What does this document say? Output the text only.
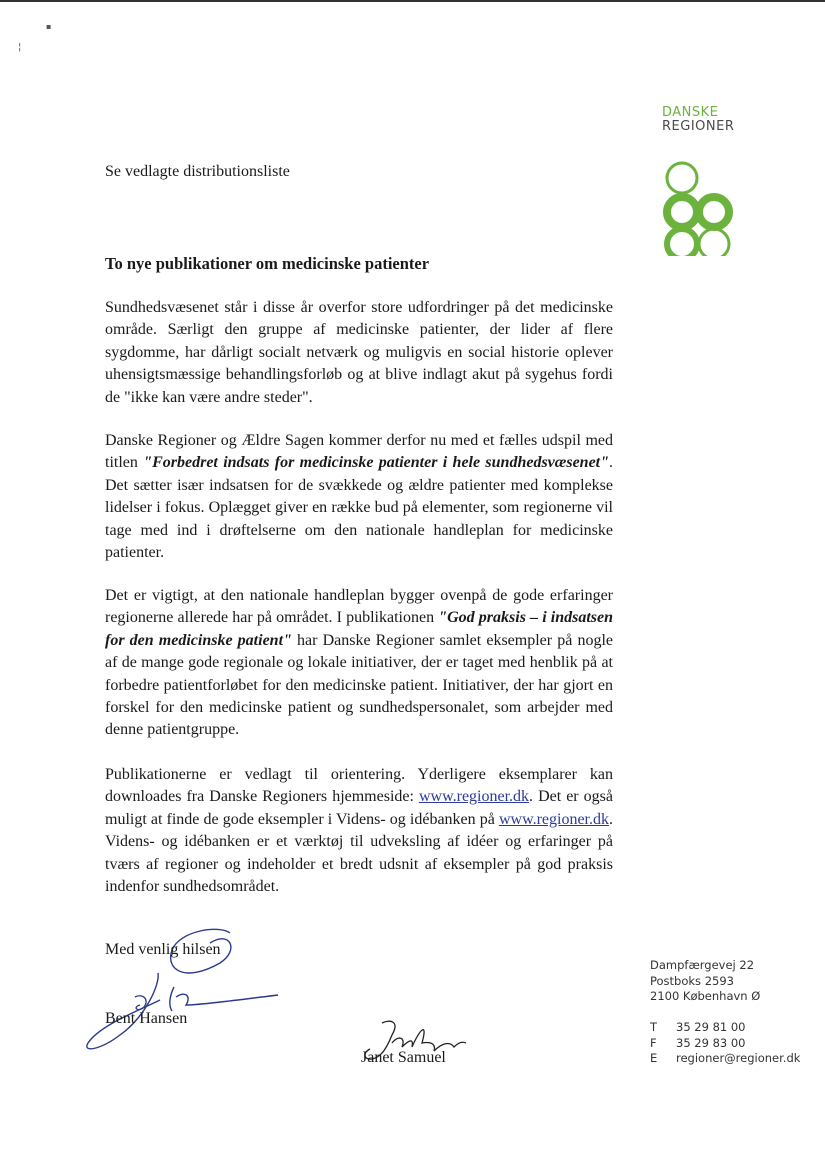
▪
¦
DANSKE
REGIONER
Se vedlagte distributionsliste
To nye publikationer om medicinske patienter
Sundhedsvæsenet står i disse år overfor store udfordringer på det medicinske område. Særligt den gruppe af medicinske patienter, der lider af flere sygdomme, har dårligt socialt netværk og muligvis en social historie oplever uhensigtsmæssige behandlingsforløb og at blive indlagt akut på sygehus fordi de "ikke kan være andre steder".
Danske Regioner og Ældre Sagen kommer derfor nu med et fælles udspil med titlen "Forbedret indsats for medicinske patienter i hele sundhedsvæsenet". Det sætter især indsatsen for de svækkede og ældre patienter med komplekse lidelser i fokus. Oplægget giver en række bud på elementer, som regionerne vil tage med ind i drøftelserne om den nationale handleplan for medicinske patienter.
Det er vigtigt, at den nationale handleplan bygger ovenpå de gode erfaringer regionerne allerede har på området. I publikationen "God praksis – i indsatsen for den medicinske patient" har Danske Regioner samlet eksempler på nogle af de mange gode regionale og lokale initiativer, der er taget med henblik på at forbedre patientforløbet for den medicinske patient. Initiativer, der har gjort en forskel for den medicinske patient og sundhedspersonalet, som arbejder med denne patientgruppe.
Publikationerne er vedlagt til orientering. Yderligere eksemplarer kan downloades fra Danske Regioners hjemmeside: www.regioner.dk. Det er også muligt at finde de gode eksempler i Videns- og idébanken på www.regioner.dk. Videns- og idébanken er et værktøj til udveksling af idéer og erfaringer på tværs af regioner og indeholder et bredt udsnit af eksempler på god praksis indenfor sundhedsområdet.
Med venlig hilsen
Bent Hansen
Janet Samuel
Dampfærgevej 22
Postboks 2593
2100 København Ø
T 35 29 81 00
F 35 29 83 00
E regioner@regioner.dk
